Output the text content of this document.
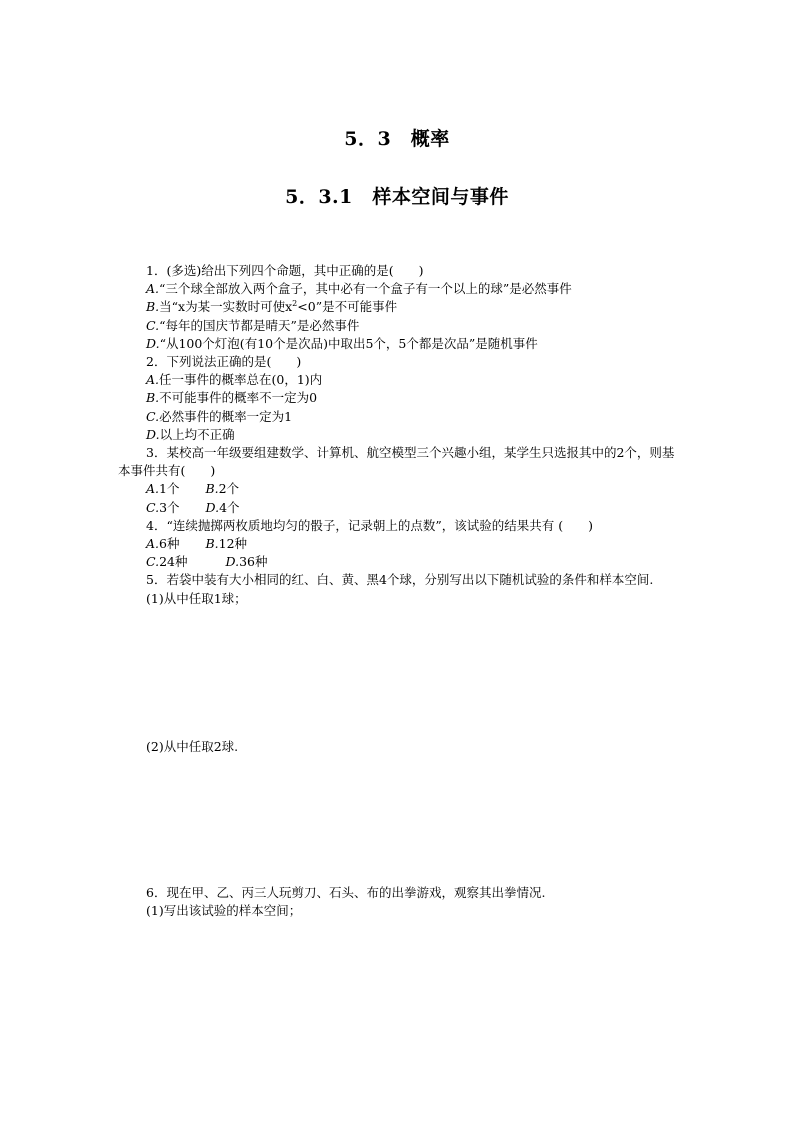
5．3　概率
5．3.1　样本空间与事件
1．(多选)给出下列四个命题，其中正确的是(　　)
A.“三个球全部放入两个盒子，其中必有一个盒子有一个以上的球”是必然事件
B.当“x为某一实数时可使$x^2<0$”是不可能事件
C.“每年的国庆节都是晴天”是必然事件
D.“从100个灯泡(有10个是次品)中取出5个，5个都是次品”是随机事件
2．下列说法正确的是(　　)
A.任一事件的概率总在(0，1)内
B.不可能事件的概率不一定为0
C.必然事件的概率一定为1
D.以上均不正确
3．某校高一年级要组建数学、计算机、航空模型三个兴趣小组，某学生只选报其中的2个，则基本事件共有(　　)
A.1个 B.2个
C.3个 D.4个
4．“连续抛掷两枚质地均匀的骰子，记录朝上的点数”，该试验的结果共有 (　　)
A.6种 B.12种
C.24种	D.36种
5．若袋中装有大小相同的红、白、黄、黑4个球，分别写出以下随机试验的条件和样本空间.
(1)从中任取1球；
(2)从中任取2球.
6．现在甲、乙、丙三人玩剪刀、石头、布的出拳游戏，观察其出拳情况.
(1)写出该试验的样本空间；
